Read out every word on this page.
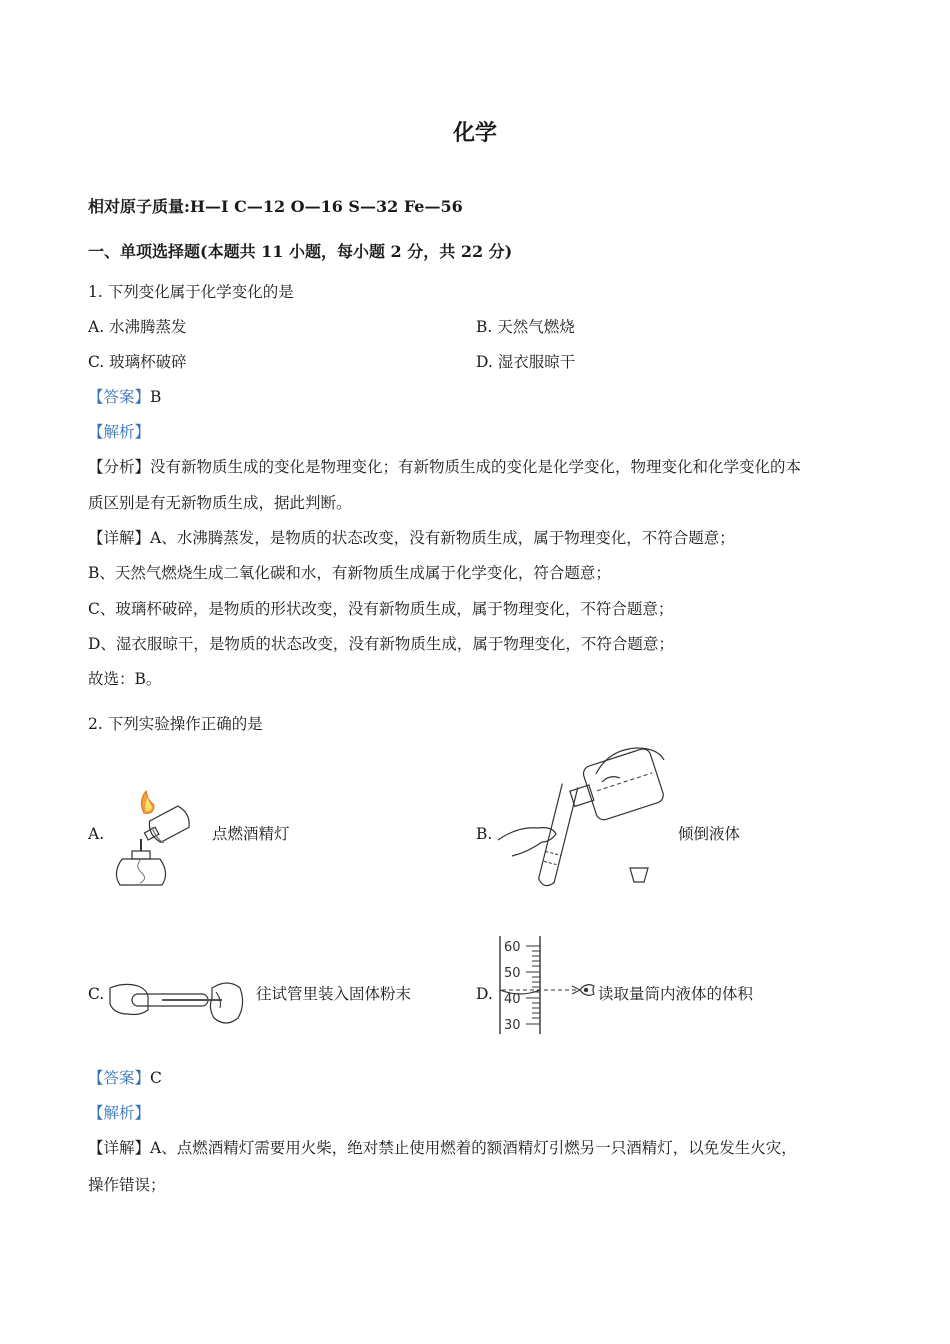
化学
相对原子质量:H—I C—12 O—16 S—32 Fe—56
一、单项选择题(本题共 11 小题，每小题 2 分，共 22 分)
1. 下列变化属于化学变化的是
A. 水沸腾蒸发	B. 天然气燃烧
C. 玻璃杯破碎	D. 湿衣服晾干
【答案】B
【解析】
【分析】没有新物质生成的变化是物理变化；有新物质生成的变化是化学变化，物理变化和化学变化的本
质区别是有无新物质生成，据此判断。
【详解】A、水沸腾蒸发，是物质的状态改变，没有新物质生成，属于物理变化，不符合题意；
B、天然气燃烧生成二氧化碳和水，有新物质生成属于化学变化，符合题意；
C、玻璃杯破碎，是物质的形状改变，没有新物质生成，属于物理变化，不符合题意；
D、湿衣服晾干，是物质的状态改变，没有新物质生成，属于物理变化，不符合题意；
故选：B。
2. 下列实验操作正确的是
A.	点燃酒精灯	B.	倾倒液体
C.	往试管里装入固体粉末	D.
60
50
40
30
读取量筒内液体的体积
【答案】C
【解析】
【详解】A、点燃酒精灯需要用火柴，绝对禁止使用燃着的额酒精灯引燃另一只酒精灯，以免发生火灾，
操作错误；
